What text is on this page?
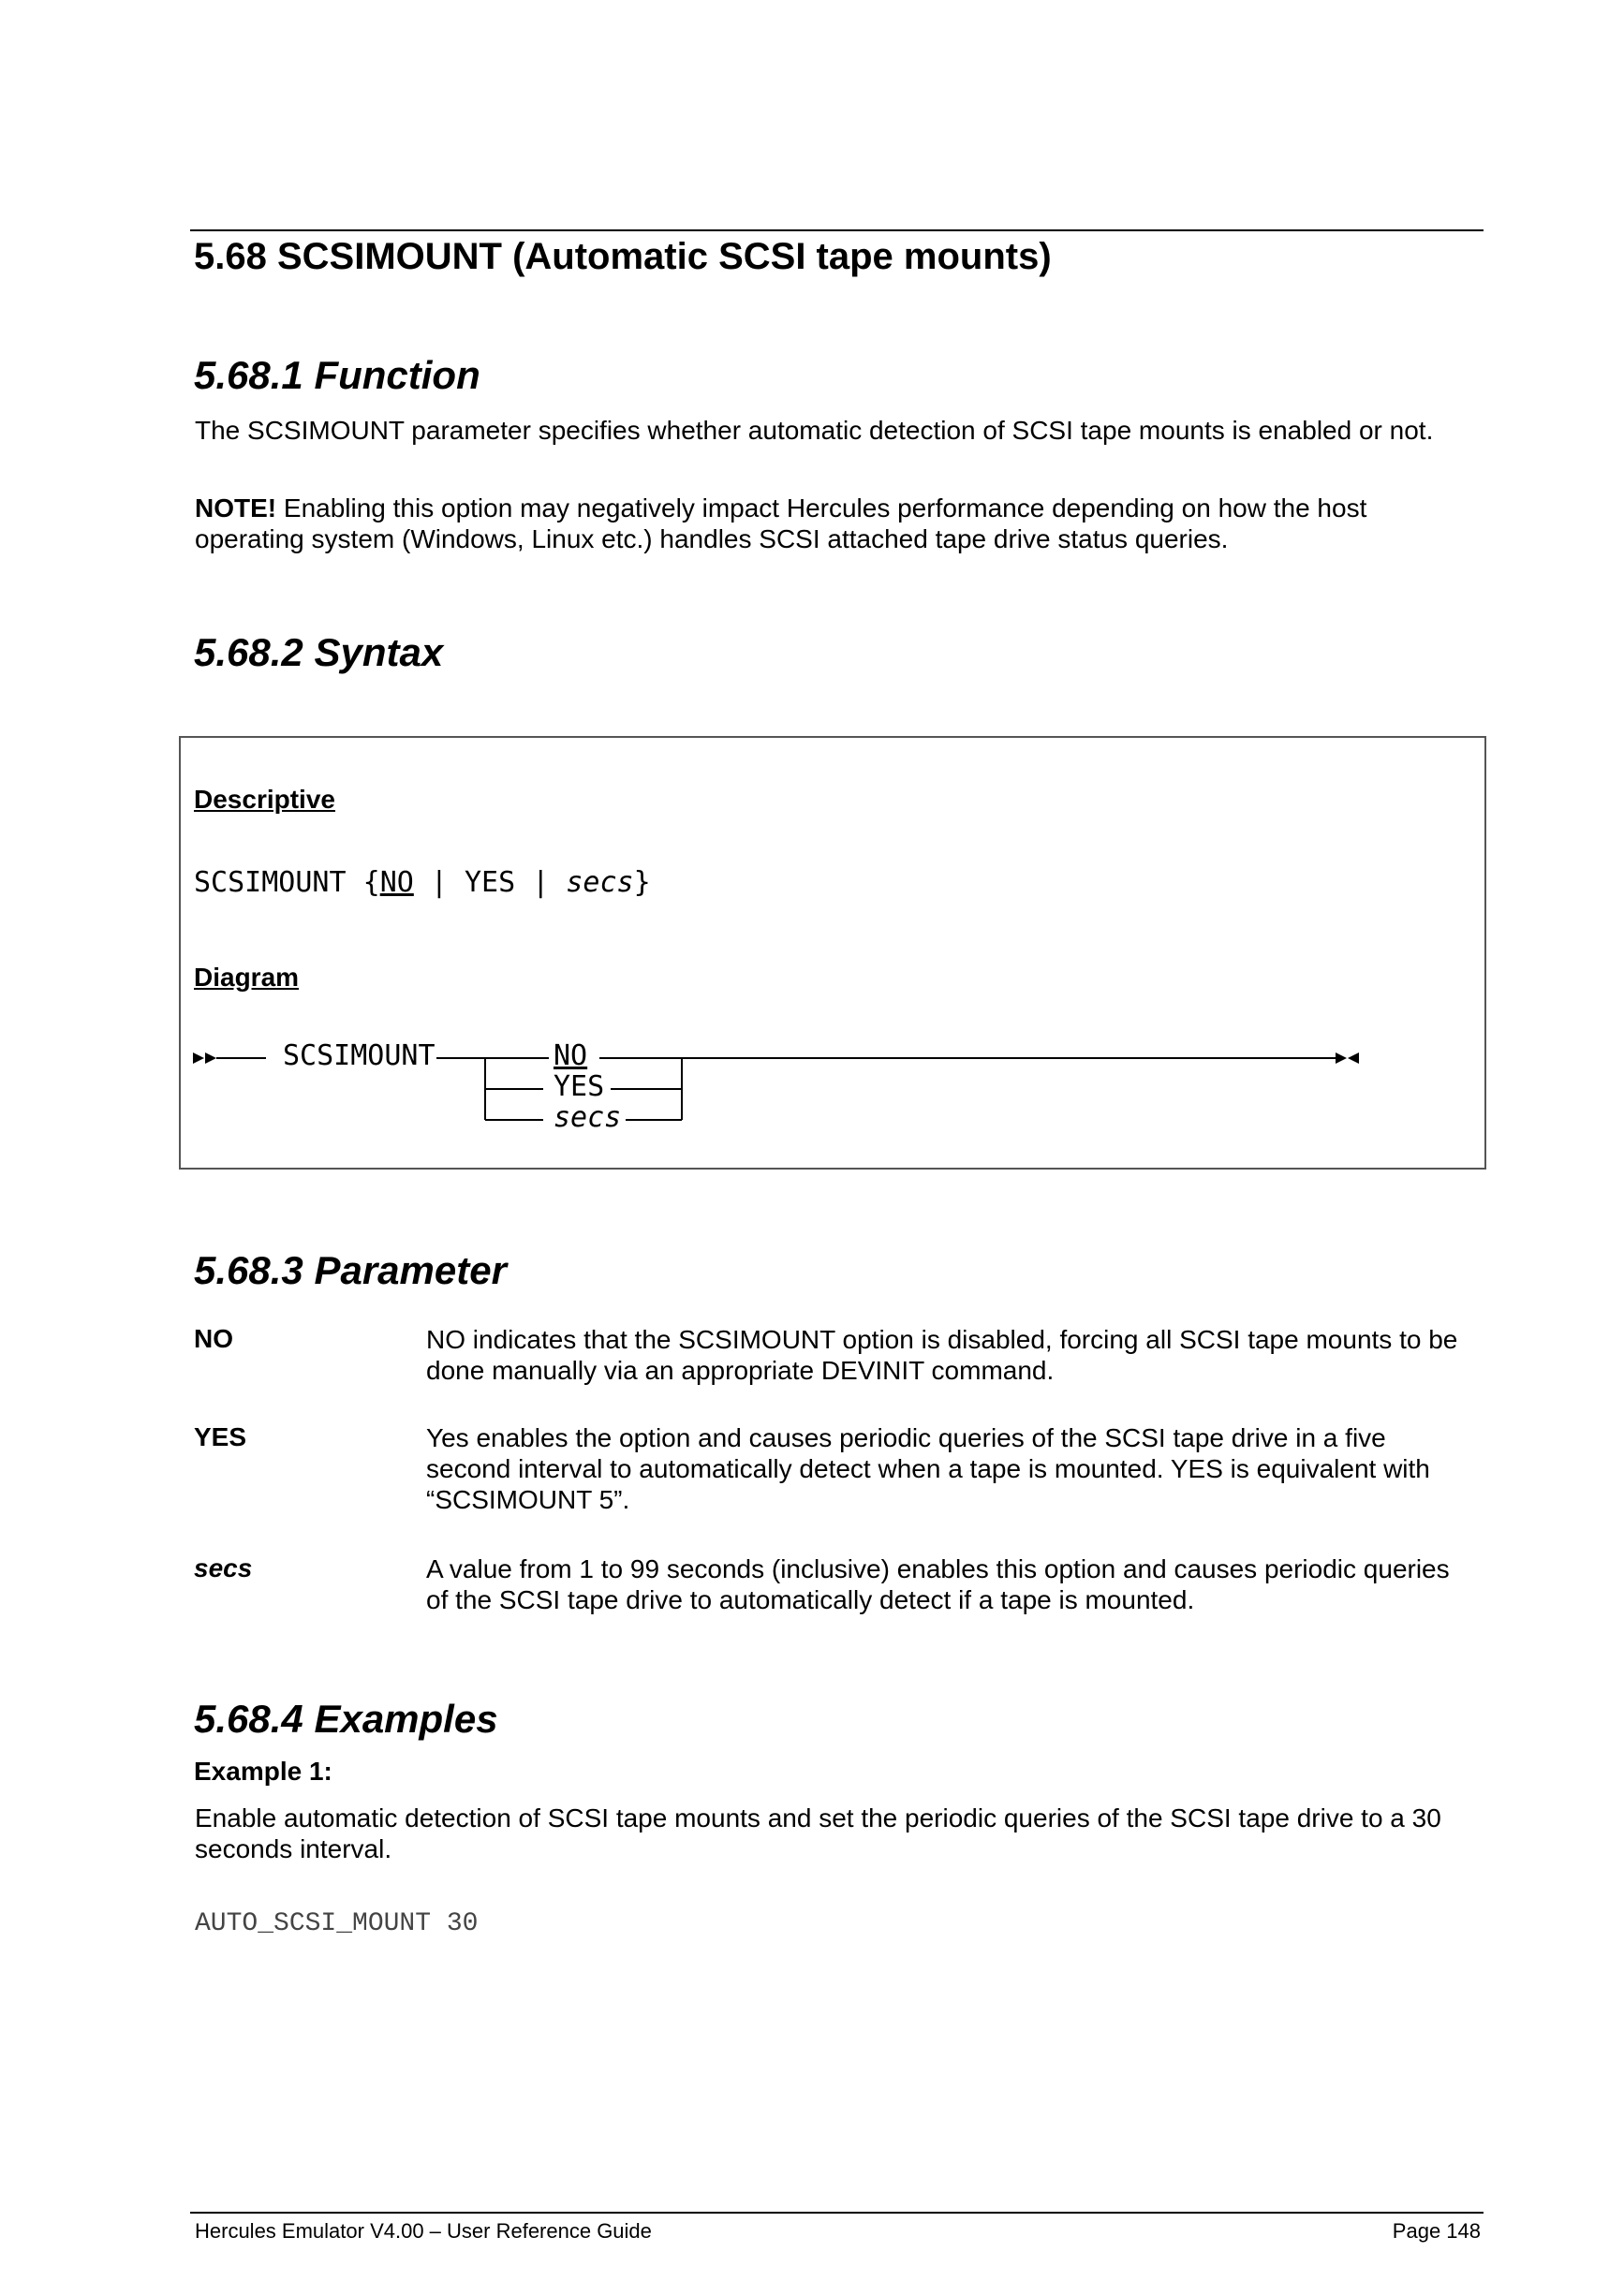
5.68 SCSIMOUNT (Automatic SCSI tape mounts)
5.68.1 Function
The SCSIMOUNT parameter specifies whether automatic detection of SCSI tape mounts is enabled or not.
NOTE! Enabling this option may negatively impact Hercules performance depending on how the host operating system (Windows, Linux etc.) handles SCSI attached tape drive status queries.
5.68.2 Syntax
Descriptive
SCSIMOUNT {NO | YES | secs}
Diagram
SCSIMOUNT	NO
YES
secs
5.68.3 Parameter
NO	NO indicates that the SCSIMOUNT option is disabled, forcing all SCSI tape mounts to be done manually via an appropriate DEVINIT command.
YES	Yes enables the option and causes periodic queries of the SCSI tape drive in a five second interval to automatically detect when a tape is mounted. YES is equivalent with “SCSIMOUNT 5”.
secs	A value from 1 to 99 seconds (inclusive) enables this option and causes periodic queries of the SCSI tape drive to automatically detect if a tape is mounted.
5.68.4 Examples
Example 1:
Enable automatic detection of SCSI tape mounts and set the periodic queries of the SCSI tape drive to a 30 seconds interval.
AUTO_SCSI_MOUNT 30
Hercules Emulator V4.00 – User Reference Guide	Page 148
